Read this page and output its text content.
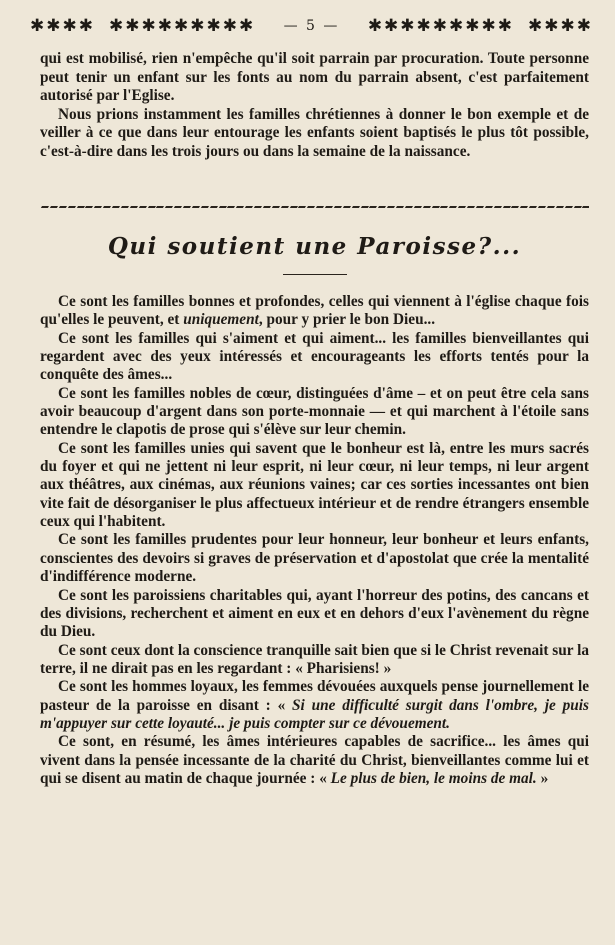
✱✱✱✱ ✱✱✱✱✱✱✱✱✱ — 5 — ✱✱✱✱✱✱✱✱✱ ✱✱✱✱

qui est mobilisé, rien n'empêche qu'il soit parrain par procuration. Toute personne peut tenir un enfant sur les fonts au nom du parrain absent, c'est parfaitement autorisé par l'Eglise.

Nous prions instamment les familles chrétiennes à donner le bon exemple et de veiller à ce que dans leur entourage les enfants soient baptisés le plus tôt possible, c'est-à-dire dans les trois jours ou dans la semaine de la naissance.

Qui soutient une Paroisse?...

Ce sont les familles bonnes et profondes, celles qui viennent à l'église chaque fois qu'elles le peuvent, et uniquement, pour y prier le bon Dieu...

Ce sont les familles qui s'aiment et qui aiment... les familles bienveillantes qui regardent avec des yeux intéressés et encourageants les efforts tentés pour la conquête des âmes...

Ce sont les familles nobles de cœur, distinguées d'âme – et on peut être cela sans avoir beaucoup d'argent dans son porte-monnaie — et qui marchent à l'étoile sans entendre le clapotis de prose qui s'élève sur leur chemin.

Ce sont les familles unies qui savent que le bonheur est là, entre les murs sacrés du foyer et qui ne jettent ni leur esprit, ni leur cœur, ni leur temps, ni leur argent aux théâtres, aux cinémas, aux réunions vaines; car ces sorties incessantes ont bien vite fait de désorganiser le plus affectueux intérieur et de rendre étrangers ensemble ceux qui l'habitent.

Ce sont les familles prudentes pour leur honneur, leur bonheur et leurs enfants, conscientes des devoirs si graves de préservation et d'apostolat que crée la mentalité d'indifférence moderne.

Ce sont les paroissiens charitables qui, ayant l'horreur des potins, des cancans et des divisions, recherchent et aiment en eux et en dehors d'eux l'avènement du règne du Dieu.

Ce sont ceux dont la conscience tranquille sait bien que si le Christ revenait sur la terre, il ne dirait pas en les regardant : « Pharisiens! »

Ce sont les hommes loyaux, les femmes dévouées auxquels pense journellement le pasteur de la paroisse en disant : « Si une difficulté surgit dans l'ombre, je puis m'appuyer sur cette loyauté... je puis compter sur ce dévouement.

Ce sont, en résumé, les âmes intérieures capables de sacrifice... les âmes qui vivent dans la pensée incessante de la charité du Christ, bienveillantes comme lui et qui se disent au matin de chaque journée : « Le plus de bien, le moins de mal. »
